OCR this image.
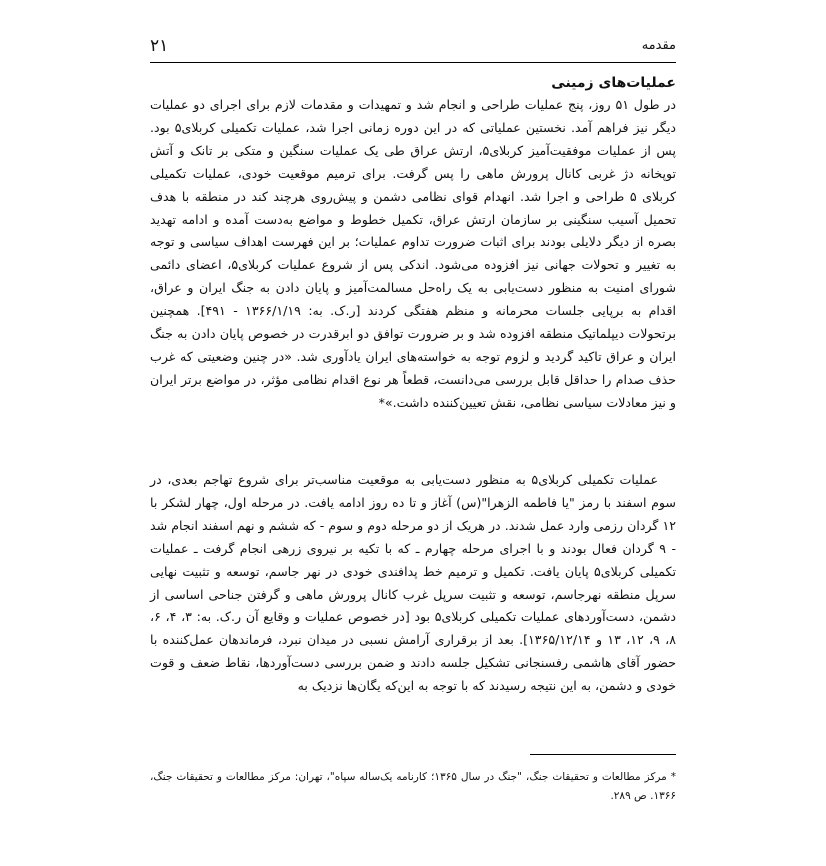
مقدمه
۲۱
عملیات‌های زمینی

در طول ۵۱ روز، پنج عملیات طراحی و انجام شد و تمهیدات و مقدمات لازم برای اجرای دو عملیات دیگر نیز فراهم آمد. نخستین عملیاتی که در این دوره زمانی اجرا شد، عملیات تکمیلی کربلای۵ بود. پس از عملیات موفقیت‌آمیز کربلای۵، ارتش عراق طی یک عملیات سنگین و متکی بر تانک و آتش توپخانه دژ غربی کانال پرورش ماهی را پس گرفت. برای ترمیم موقعیت خودی، عملیات تکمیلی کربلای ۵ طراحی و اجرا شد. انهدام قوای نظامی دشمن و پیش‌روی هرچند کند در منطقه با هدف تحمیل آسیب سنگینی بر سازمان ارتش عراق، تکمیل خطوط و مواضع به‌دست آمده و ادامه تهدید بصره از دیگر دلایلی بودند برای اثبات ضرورت تداوم عملیات؛ بر این فهرست اهداف سیاسی و توجه به تغییر و تحولات جهانی نیز افزوده می‌شود. اندکی پس از شروع عملیات کربلای۵، اعضای دائمی شورای امنیت به منظور دست‌یابی به یک راه‌حل مسالمت‌آمیز و پایان دادن به جنگ ایران و عراق، اقدام به برپایی جلسات محرمانه و منظم هفتگی کردند [ر.ک. به: ۱۳۶۶/۱/۱۹ - ۴۹۱]. همچنین برتحولات دیپلماتیک منطقه افزوده شد و بر ضرورت توافق دو ابرقدرت در خصوص پایان دادن به جنگ ایران و عراق تاکید گردید و لزوم توجه به خواسته‌های ایران یادآوری شد. «در چنین وضعیتی که غرب حذف صدام را حداقل قابل بررسی می‌دانست، قطعاً هر نوع اقدام نظامی مؤثر، در مواضع برتر ایران و نیز معادلات سیاسی نظامی، نقش تعیین‌کننده داشت.»*

عملیات تکمیلی کربلای۵ به منظور دست‌یابی به موقعیت مناسب‌تر برای شروع تهاجم بعدی، در سوم اسفند با رمز "یا فاطمه الزهرا"(س) آغاز و تا ده روز ادامه یافت. در مرحله اول، چهار لشکر با ۱۲ گردان رزمی وارد عمل شدند. در هریک از دو مرحله دوم و سوم - که ششم و نهم اسفند انجام شد - ۹ گردان فعال بودند و با اجرای مرحله چهارم ـ که با تکیه بر نیروی زرهی انجام گرفت ـ عملیات تکمیلی کربلای۵ پایان یافت. تکمیل و ترمیم خط پدافندی خودی در نهر جاسم، توسعه و تثبیت نهایی سرپل منطقه نهرجاسم، توسعه و تثبیت سرپل غرب کانال پرورش ماهی و گرفتن جناحی اساسی از دشمن، دست‌آوردهای عملیات تکمیلی کربلای۵ بود [در خصوص عملیات و وقایع آن ر.ک. به: ۳، ۴، ۶، ۸، ۹، ۱۲، ۱۳ و ۱۳۶۵/۱۲/۱۴]. بعد از برقراری آرامش نسبی در میدان نبرد، فرماندهان عمل‌کننده با حضور آقای هاشمی رفسنجانی تشکیل جلسه دادند و ضمن بررسی دست‌آوردها، نقاط ضعف و قوت خودی و دشمن، به این نتیجه رسیدند که با توجه به این‌که یگان‌ها نزدیک به

* مرکز مطالعات و تحقیقات جنگ، "جنگ در سال ۱۳۶۵؛ کارنامه یک‌ساله سپاه"، تهران: مرکز مطالعات و تحقیقات جنگ، ۱۳۶۶. ص ۲۸۹.
